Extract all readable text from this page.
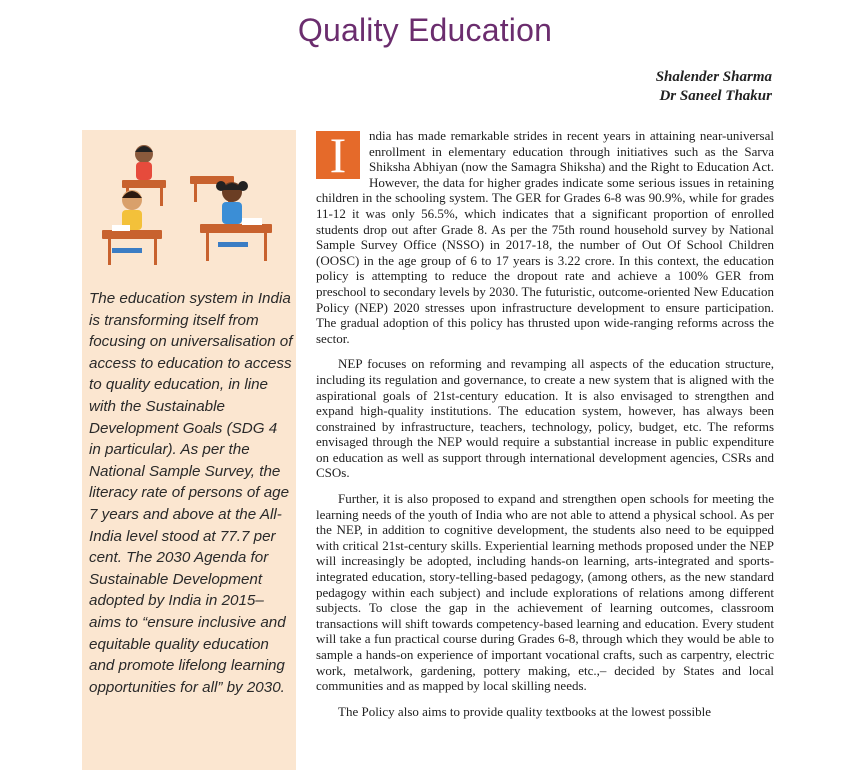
Quality Education
Shalender Sharma
Dr Saneel Thakur

The education system in India is transforming itself from focusing on universalisation of access to education to access to quality education, in line with the Sustainable Development Goals (SDG 4 in particular). As per the National Sample Survey, the literacy rate of persons of age 7 years and above at the All-India level stood at 77.7 per cent. The 2030 Agenda for Sustainable Development adopted by India in 2015– aims to “ensure inclusive and equitable quality education and promote lifelong learning opportunities for all” by 2030.

I	ndia has made remarkable strides in recent years in attaining near-universal enrollment in elementary education through initiatives such as the Sarva Shiksha Abhiyan (now the Samagra Shiksha) and the Right to Education Act. However, the data for higher grades indicate some serious issues in retaining children in the schooling system. The GER for Grades 6-8 was 90.9%, while for grades 11-12 it was only 56.5%, which indicates that a significant proportion of enrolled students drop out after Grade 8. As per the 75th round household survey by National Sample Survey Office (NSSO) in 2017-18, the number of Out Of School Children (OOSC) in the age group of 6 to 17 years is 3.22 crore. In this context, the education policy is attempting to reduce the dropout rate and achieve a 100% GER from preschool to secondary levels by 2030. The futuristic, outcome-oriented New Education Policy (NEP) 2020 stresses upon infrastructure development to ensure participation. The gradual adoption of this policy has thrusted upon wide-ranging reforms across the sector.

NEP focuses on reforming and revamping all aspects of the education structure, including its regulation and governance, to create a new system that is aligned with the aspirational goals of 21st-century education. It is also envisaged to strengthen and expand high-quality institutions. The education system, however, has always been constrained by infrastructure, teachers, technology, policy, budget, etc. The reforms envisaged through the NEP would require a substantial increase in public expenditure on education as well as support through international development agencies, CSRs and CSOs.

Further, it is also proposed to expand and strengthen open schools for meeting the learning needs of the youth of India who are not able to attend a physical school. As per the NEP, in addition to cognitive development, the students also need to be equipped with critical 21st-century skills. Experiential learning methods proposed under the NEP will increasingly be adopted, including hands-on learning, arts-integrated and sports-integrated education, story-telling-based pedagogy, (among others, as the new standard pedagogy within each subject) and include explorations of relations among different subjects. To close the gap in the achievement of learning outcomes, classroom transactions will shift towards competency-based learning and education. Every student will take a fun practical course during Grades 6-8, through which they would be able to sample a hands-on experience of important vocational crafts, such as carpentry, electric work, metalwork, gardening, pottery making, etc.,– decided by States and local communities and as mapped by local skilling needs.

The Policy also aims to provide quality textbooks at the lowest possible
